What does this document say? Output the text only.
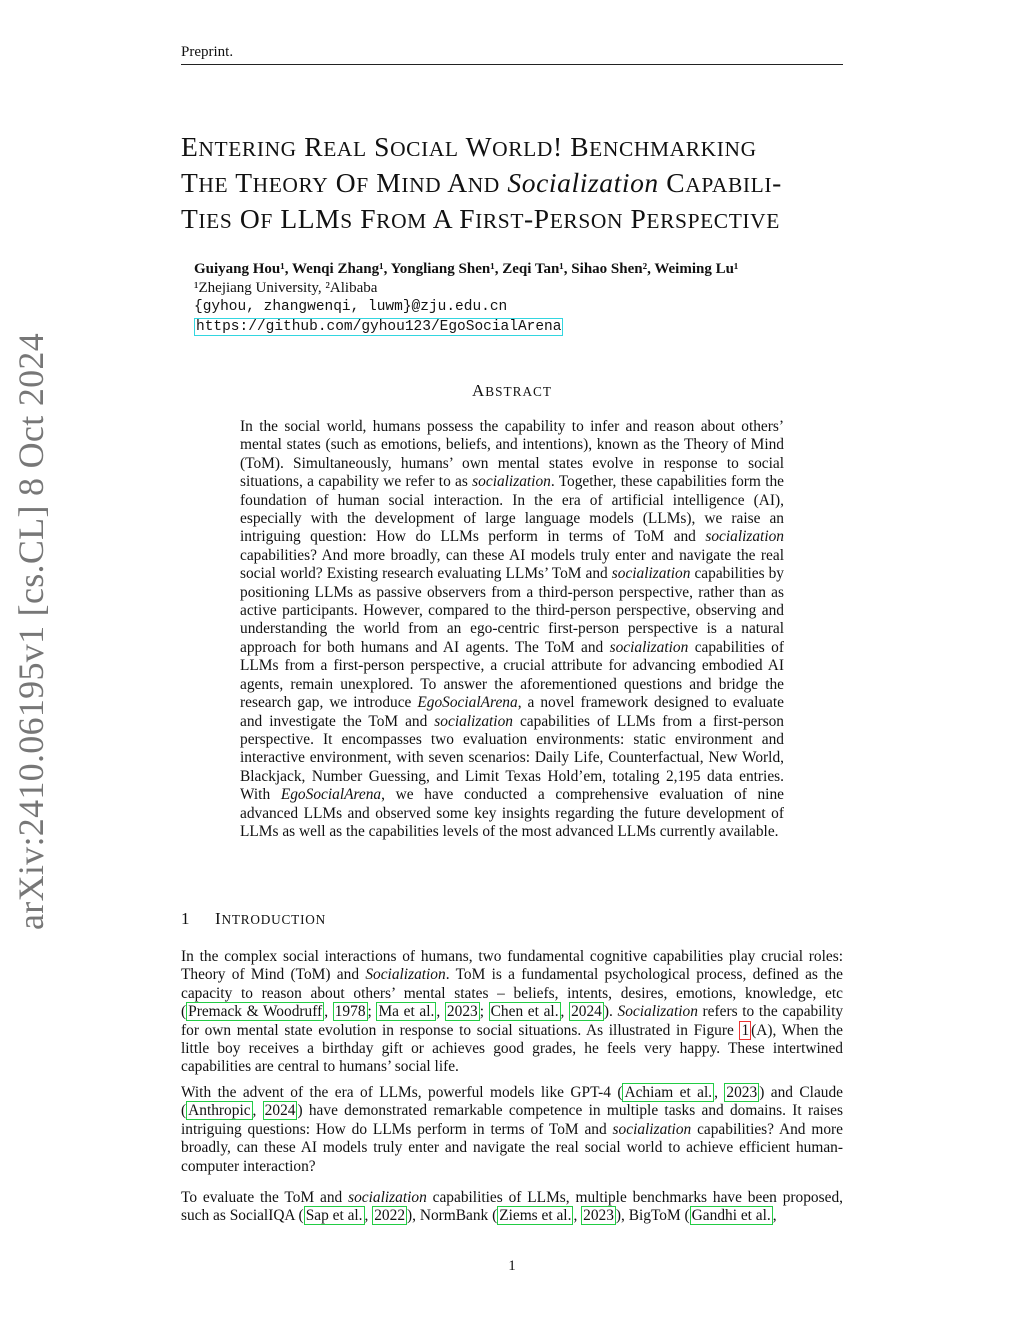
Preprint.
arXiv:2410.06195v1 [cs.CL] 8 Oct 2024
ENTERING REAL SOCIAL WORLD! BENCHMARKING
THE THEORY OF MIND AND Socialization CAPABILI-
TIES OF LLMS FROM A FIRST-PERSON PERSPECTIVE
Guiyang Hou¹, Wenqi Zhang¹, Yongliang Shen¹, Zeqi Tan¹, Sihao Shen², Weiming Lu¹
¹Zhejiang University, ²Alibaba
{gyhou, zhangwenqi, luwm}@zju.edu.cn
https://github.com/gyhou123/EgoSocialArena
ABSTRACT
In the social world, humans possess the capability to infer and reason about others’ mental states (such as emotions, beliefs, and intentions), known as the Theory of Mind (ToM). Simultaneously, humans’ own mental states evolve in response to social situations, a capability we refer to as socialization. Together, these capabilities form the foundation of human social interaction. In the era of artificial intelligence (AI), especially with the development of large language models (LLMs), we raise an intriguing question: How do LLMs perform in terms of ToM and socialization capabilities? And more broadly, can these AI models truly enter and navigate the real social world? Existing research evaluating LLMs’ ToM and socialization capabilities by positioning LLMs as passive observers from a third-person perspective, rather than as active participants. However, compared to the third-person perspective, observing and understanding the world from an ego-centric first-person perspective is a natural approach for both humans and AI agents. The ToM and socialization capabilities of LLMs from a first-person perspective, a crucial attribute for advancing embodied AI agents, remain unexplored. To answer the aforementioned questions and bridge the research gap, we introduce EgoSocialArena, a novel framework designed to evaluate and investigate the ToM and socialization capabilities of LLMs from a first-person perspective. It encompasses two evaluation environments: static environment and interactive environment, with seven scenarios: Daily Life, Counterfactual, New World, Blackjack, Number Guessing, and Limit Texas Hold’em, totaling 2,195 data entries. With EgoSocialArena, we have conducted a comprehensive evaluation of nine advanced LLMs and observed some key insights regarding the future development of LLMs as well as the capabilities levels of the most advanced LLMs currently available.
1 INTRODUCTION
In the complex social interactions of humans, two fundamental cognitive capabilities play crucial roles: Theory of Mind (ToM) and Socialization. ToM is a fundamental psychological process, defined as the capacity to reason about others’ mental states – beliefs, intents, desires, emotions, knowledge, etc ( Premack & Woodruff , 1978 ; Ma et al. , 2023 ; Chen et al. , 2024 ). Socialization refers to the capability for own mental state evolution in response to social situations. As illustrated in Figure 1 (A), When the little boy receives a birthday gift or achieves good grades, he feels very happy. These intertwined capabilities are central to humans’ social life.
With the advent of the era of LLMs, powerful models like GPT-4 ( Achiam et al. , 2023 ) and Claude ( Anthropic , 2024 ) have demonstrated remarkable competence in multiple tasks and domains. It raises intriguing questions: How do LLMs perform in terms of ToM and socialization capabilities? And more broadly, can these AI models truly enter and navigate the real social world to achieve efficient human-computer interaction?
To evaluate the ToM and socialization capabilities of LLMs, multiple benchmarks have been proposed, such as SocialIQA ( Sap et al. , 2022 ), NormBank ( Ziems et al. , 2023 ), BigToM ( Gandhi et al. ,
1
